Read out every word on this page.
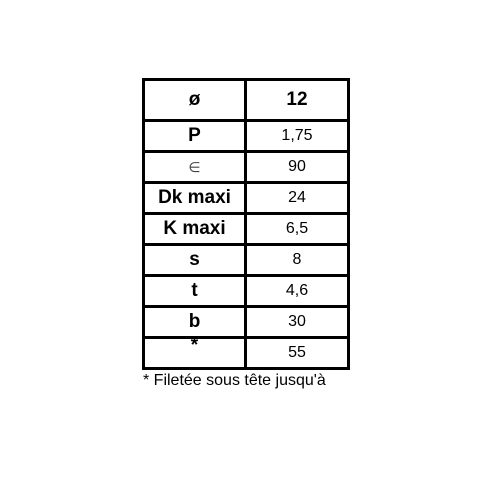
ø	12
P	1,75
∈	90
Dk maxi	24
K maxi	6,5
s	8
t	4,6
b	30
*	55
* Filetée sous tête jusqu'à
